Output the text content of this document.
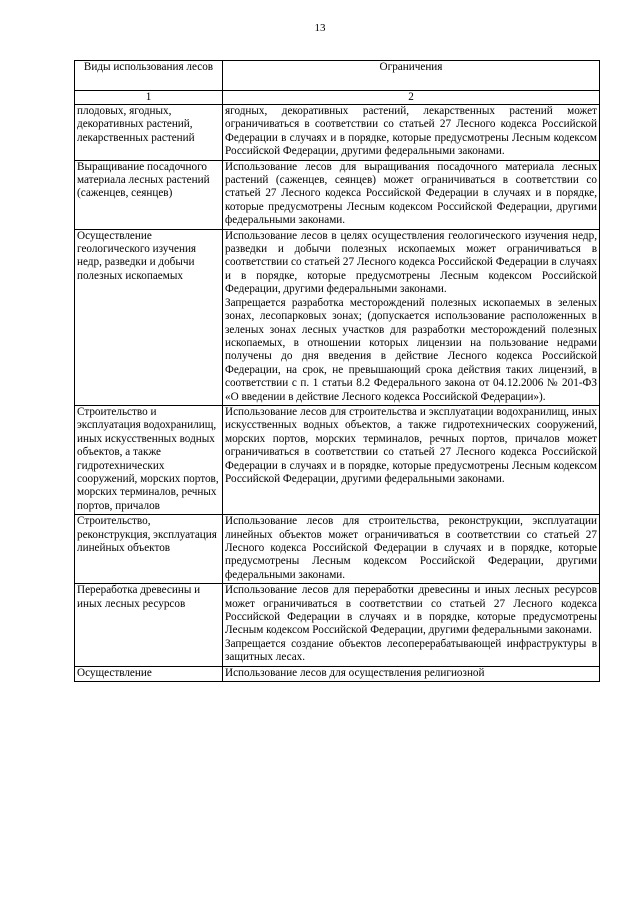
13
Виды использования лесов	Ограничения
1	2
плодовых, ягодных, декоративных растений, лекарственных растений	ягодных, декоративных растений, лекарственных растений может ограничиваться в соответствии со статьей 27 Лесного кодекса Российской Федерации в случаях и в порядке, которые предусмотрены Лесным кодексом Российской Федерации, другими федеральными законами.

Выращивание посадочного материала лесных растений (саженцев, сеянцев)	Использование лесов для выращивания посадочного материала лесных растений (саженцев, сеянцев) может ограничиваться в соответствии со статьей 27 Лесного кодекса Российской Федерации в случаях и в порядке, которые предусмотрены Лесным кодексом Российской Федерации, другими федеральными законами.

Осуществление геологического изучения недр, разведки и добычи полезных ископаемых	Использование лесов в целях осуществления геологического изучения недр, разведки и добычи полезных ископаемых может ограничиваться в соответствии со статьей 27 Лесного кодекса Российской Федерации в случаях и в порядке, которые предусмотрены Лесным кодексом Российской Федерации, другими федеральными законами.

Запрещается разработка месторождений полезных ископаемых в зеленых зонах, лесопарковых зонах; (допускается использование расположенных в зеленых зонах лесных участков для разработки месторождений полезных ископаемых, в отношении которых лицензии на пользование недрами получены до дня введения в действие Лесного кодекса Российской Федерации, на срок, не превышающий срока действия таких лицензий, в соответствии с п. 1 статьи 8.2 Федерального закона от 04.12.2006 № 201-ФЗ «О введении в действие Лесного кодекса Российской Федерации»).

Строительство и эксплуатация водохранилищ, иных искусственных водных объектов, а также гидротехнических сооружений, морских портов, морских терминалов, речных портов, причалов	Использование лесов для строительства и эксплуатации водохранилищ, иных искусственных водных объектов, а также гидротехнических сооружений, морских портов, морских терминалов, речных портов, причалов может ограничиваться в соответствии со статьей 27 Лесного кодекса Российской Федерации в случаях и в порядке, которые предусмотрены Лесным кодексом Российской Федерации, другими федеральными законами.

Строительство, реконструкция, эксплуатация линейных объектов	Использование лесов для строительства, реконструкции, эксплуатации линейных объектов может ограничиваться в соответствии со статьей 27 Лесного кодекса Российской Федерации в случаях и в порядке, которые предусмотрены Лесным кодексом Российской Федерации, другими федеральными законами.

Переработка древесины и иных лесных ресурсов	Использование лесов для переработки древесины и иных лесных ресурсов может ограничиваться в соответствии со статьей 27 Лесного кодекса Российской Федерации в случаях и в порядке, которые предусмотрены Лесным кодексом Российской Федерации, другими федеральными законами.

Запрещается создание объектов лесоперерабатывающей инфраструктуры в защитных лесах.

Осуществление	Использование лесов для осуществления религиозной
